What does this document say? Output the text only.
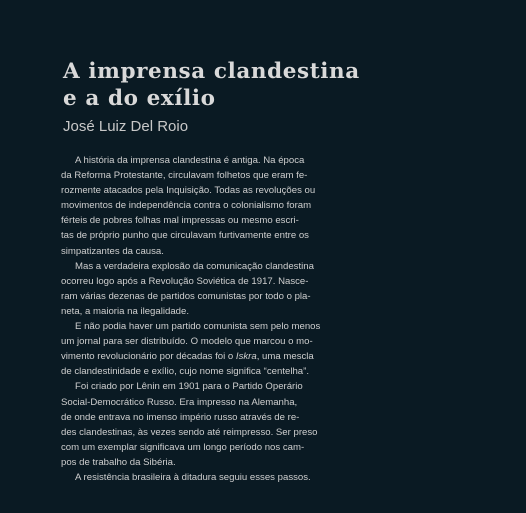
A imprensa clandestina
e a do exílio

José Luiz Del Roio

A história da imprensa clandestina é antiga. Na época
da Reforma Protestante, circulavam folhetos que eram fe-
rozmente atacados pela Inquisição. Todas as revoluções ou
movimentos de independência contra o colonialismo foram
férteis de pobres folhas mal impressas ou mesmo escri-
tas de próprio punho que circulavam furtivamente entre os
simpatizantes da causa.

Mas a verdadeira explosão da comunicação clandestina
ocorreu logo após a Revolução Soviética de 1917. Nasce-
ram várias dezenas de partidos comunistas por todo o pla-
neta, a maioria na ilegalidade.

E não podia haver um partido comunista sem pelo menos
um jornal para ser distribuído. O modelo que marcou o mo-
vimento revolucionário por décadas foi o Iskra, uma mescla
de clandestinidade e exílio, cujo nome significa “centelha”.

Foi criado por Lênin em 1901 para o Partido Operário
Social-Democrático Russo. Era impresso na Alemanha,
de onde entrava no imenso império russo através de re-
des clandestinas, às vezes sendo até reimpresso. Ser preso
com um exemplar significava um longo período nos cam-
pos de trabalho da Sibéria.

A resistência brasileira à ditadura seguiu esses passos.
